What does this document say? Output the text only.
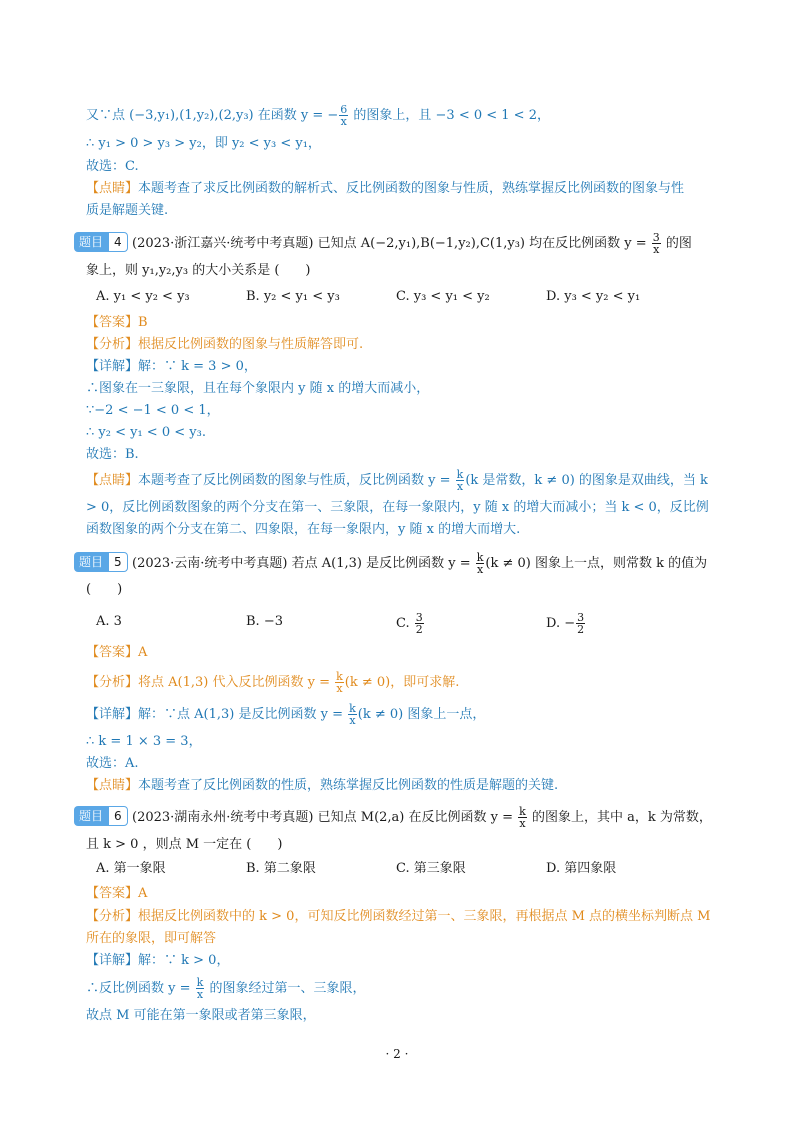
又∵点 (−3,y₁),(1,y₂),(2,y₃) 在函数 y = − $\frac{6}{x}$ 的图象上，且 −3 < 0 < 1 < 2，
∴ y₁ > 0 > y₃ > y₂，即 y₂ < y₃ < y₁，
故选：C.
【点睛】本题考查了求反比例函数的解析式、反比例函数的图象与性质，熟练掌握反比例函数的图象与性
质是解题关键.
题目 4 (2023·浙江嘉兴·统考中考真题) 已知点 A(−2,y₁),B(−1,y₂),C(1,y₃) 均在反比例函数 $y = \frac{3}{x}$ 的图
象上，则 y₁,y₂,y₃ 的大小关系是 (　　)
A. y₁ < y₂ < y₃	B. y₂ < y₁ < y₃	C. y₃ < y₁ < y₂	D. y₃ < y₂ < y₁
【答案】B
【分析】根据反比例函数的图象与性质解答即可.
【详解】解：∵ k = 3 > 0，
∴图象在一三象限，且在每个象限内 y 随 x 的增大而减小，
∵−2 < −1 < 0 < 1，
∴ y₂ < y₁ < 0 < y₃.
故选：B.
【点睛】本题考查了反比例函数的图象与性质，反比例函数 $y = \frac{k}{x} (k$ 是常数，k ≠ 0) 的图象是双曲线，当 k
> 0，反比例函数图象的两个分支在第一、三象限，在每一象限内，y 随 x 的增大而减小；当 k < 0，反比例
函数图象的两个分支在第二、四象限，在每一象限内，y 随 x 的增大而增大.
题目 5 (2023·云南·统考中考真题) 若点 A(1,3) 是反比例函数 $y = \frac{k}{x} (k \ne 0)$ 图象上一点，则常数 k 的值为
(　　)
A. 3	B. −3	C. $\frac{3}{2}$	D. − $\frac{3}{2}$
【答案】A
【分析】将点 A(1,3) 代入反比例函数 $y = \frac{k}{x} (k \ne 0)$，即可求解.
【详解】解：∵点 A(1,3) 是反比例函数 $y = \frac{k}{x} (k \ne 0)$ 图象上一点，
∴ k = 1 × 3 = 3，
故选：A.
【点睛】本题考查了反比例函数的性质，熟练掌握反比例函数的性质是解题的关键.
题目 6 (2023·湖南永州·统考中考真题) 已知点 M(2,a) 在反比例函数 $y = \frac{k}{x}$ 的图象上，其中 a，k 为常数，
且 k > 0 ，则点 M 一定在 (　　)
A. 第一象限	B. 第二象限	C. 第三象限	D. 第四象限
【答案】A
【分析】根据反比例函数中的 k > 0，可知反比例函数经过第一、三象限，再根据点 M 点的横坐标判断点 M
所在的象限，即可解答
【详解】解：∵ k > 0，
∴反比例函数 $y = \frac{k}{x}$ 的图象经过第一、三象限，
故点 M 可能在第一象限或者第三象限，
· 2 ·
